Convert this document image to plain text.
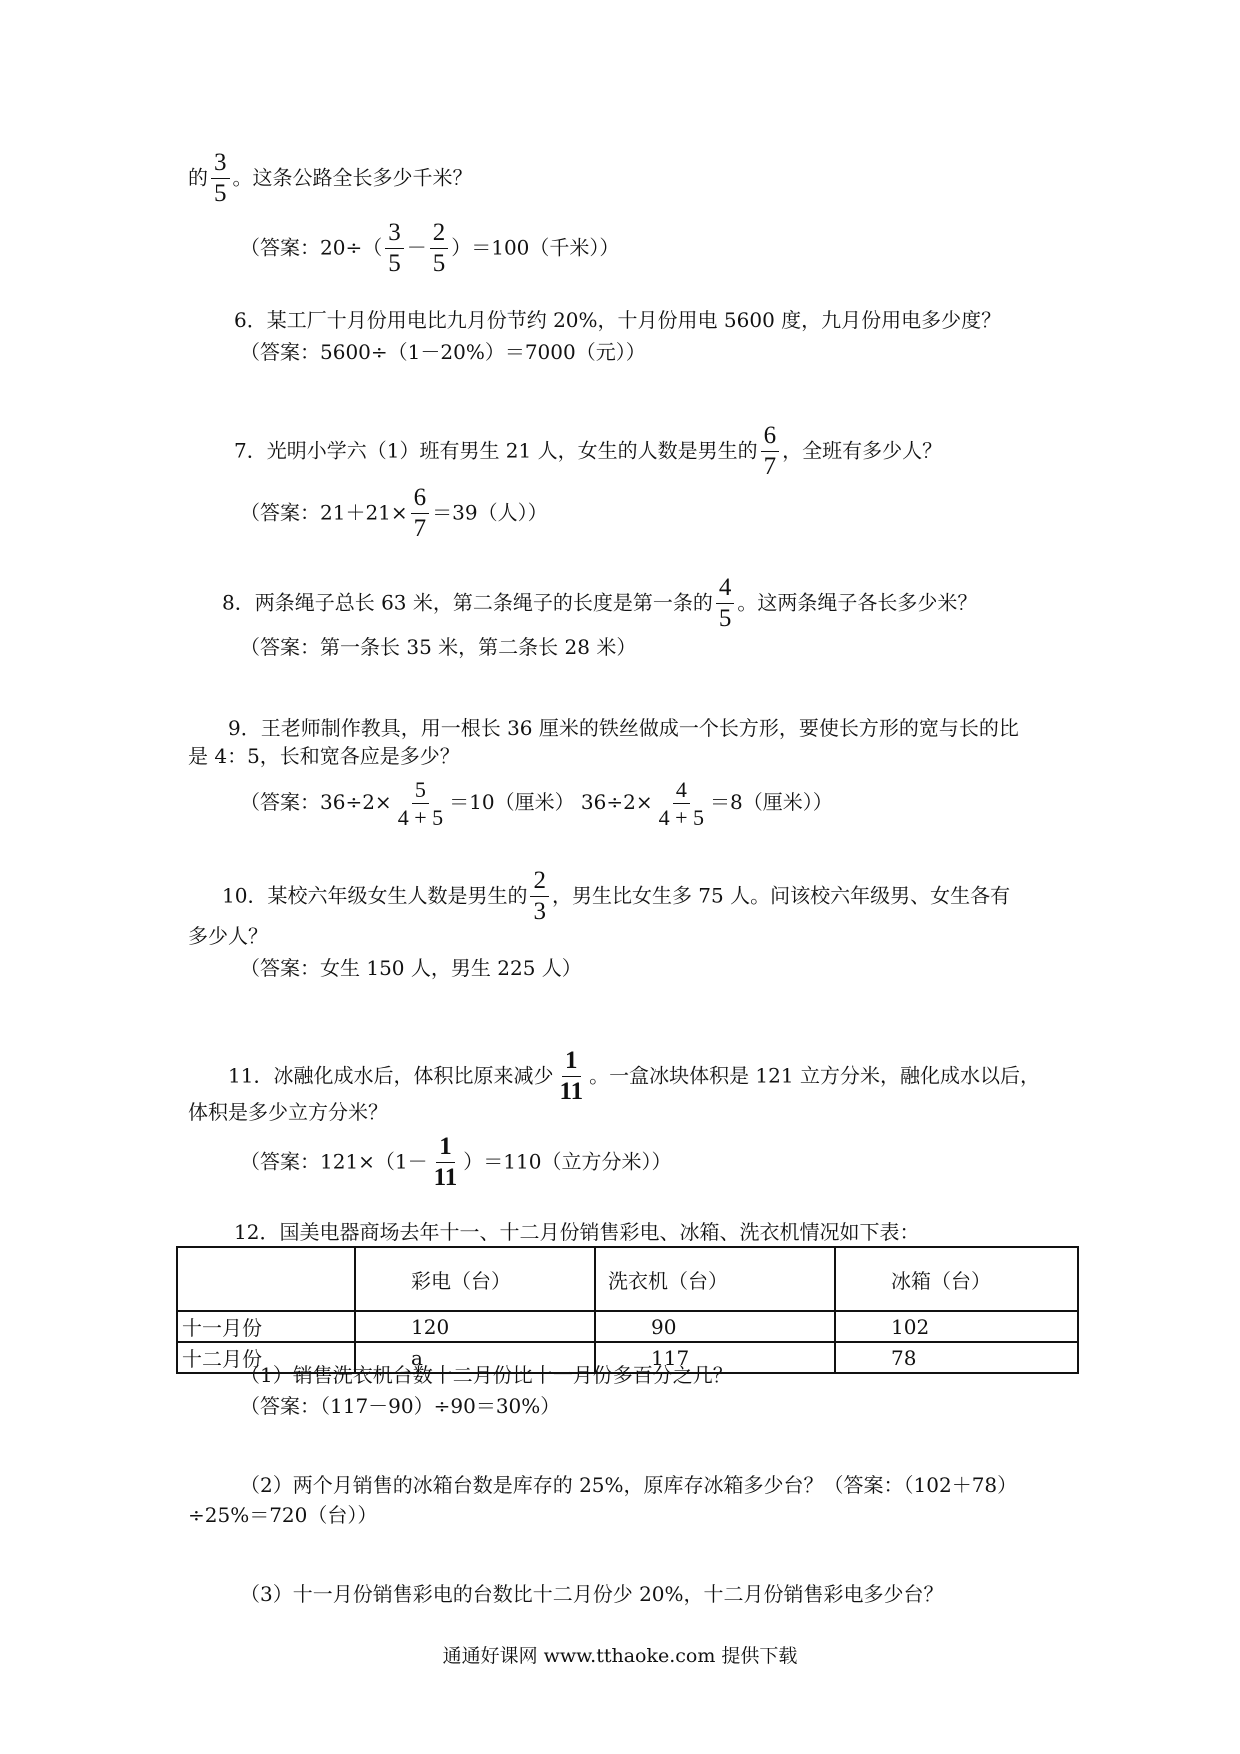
的 $\frac{3}{5}$ 。这条公路全长多少千米？
（答案：$20\div( \frac{3}{5} - \frac{2}{5} )=100$（千米））
6．某工厂十月份用电比九月份节约 20%，十月份用电 5600 度，九月份用电多少度？
（答案：5600÷（1－20%）＝7000（元））
7．光明小学六（1）班有男生 21 人，女生的人数是男生的 $\frac{6}{7}$ ，全班有多少人？
（答案：$21+21\times \frac{6}{7} =39$（人））
8．两条绳子总长 63 米，第二条绳子的长度是第一条的 $\frac{4}{5}$ 。这两条绳子各长多少米？
（答案：第一条长 35 米，第二条长 28 米）
9．王老师制作教具，用一根长 36 厘米的铁丝做成一个长方形，要使长方形的宽与长的比
是 4：5，长和宽各应是多少？
（答案：$36\div 2\times \frac{5}{4 + 5} =10$（厘米） $36\div 2\times \frac{4}{4 + 5} =8$（厘米））
10．某校六年级女生人数是男生的 $\frac{2}{3}$ ，男生比女生多 75 人。问该校六年级男、女生各有
多少人？
（答案：女生 150 人，男生 225 人）
11．冰融化成水后，体积比原来减少 $\frac{1}{11}$ 。一盒冰块体积是 121 立方分米，融化成水以后，
体积是多少立方分米？
（答案：$121\times(1- \frac{1}{11} )=110$（立方分米））
12．国美电器商场去年十一、十二月份销售彩电、冰箱、洗衣机情况如下表：
	彩电（台）	洗衣机（台）	冰箱（台）
十一月份	120	90	102
十二月份	a	117	78
（1）销售洗衣机台数十二月份比十一月份多百分之几？
（答案：（117－90）÷90＝30%）
（2）两个月销售的冰箱台数是库存的 25%，原库存冰箱多少台？（答案：（102＋78）
÷25%＝720（台））
（3）十一月份销售彩电的台数比十二月份少 20%，十二月份销售彩电多少台？
通通好课网 www.tthaoke.com 提供下载
